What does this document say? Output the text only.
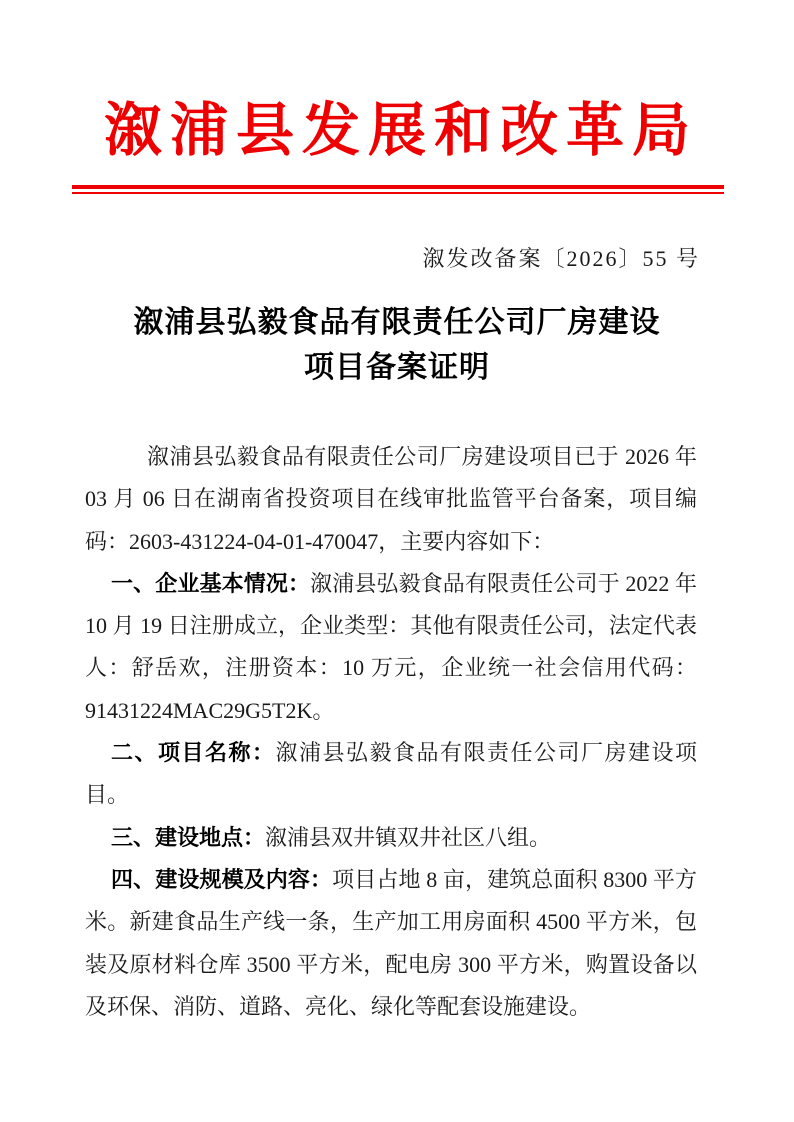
溆浦县发展和改革局
溆发改备案〔2026〕55 号
溆浦县弘毅食品有限责任公司厂房建设
项目备案证明

溆浦县弘毅食品有限责任公司厂房建设项目已于 2026 年 03 月 06 日在湖南省投资项目在线审批监管平台备案，项目编码：2603-431224-04-01-470047，主要内容如下：

一、企业基本情况：溆浦县弘毅食品有限责任公司于 2022 年 10 月 19 日注册成立，企业类型：其他有限责任公司，法定代表人：舒岳欢，注册资本：10 万元，企业统一社会信用代码：91431224MAC29G5T2K。

二、项目名称：溆浦县弘毅食品有限责任公司厂房建设项目。

三、建设地点：溆浦县双井镇双井社区八组。

四、建设规模及内容：项目占地 8 亩，建筑总面积 8300 平方米。新建食品生产线一条，生产加工用房面积 4500 平方米，包装及原材料仓库 3500 平方米，配电房 300 平方米，购置设备以及环保、消防、道路、亮化、绿化等配套设施建设。
